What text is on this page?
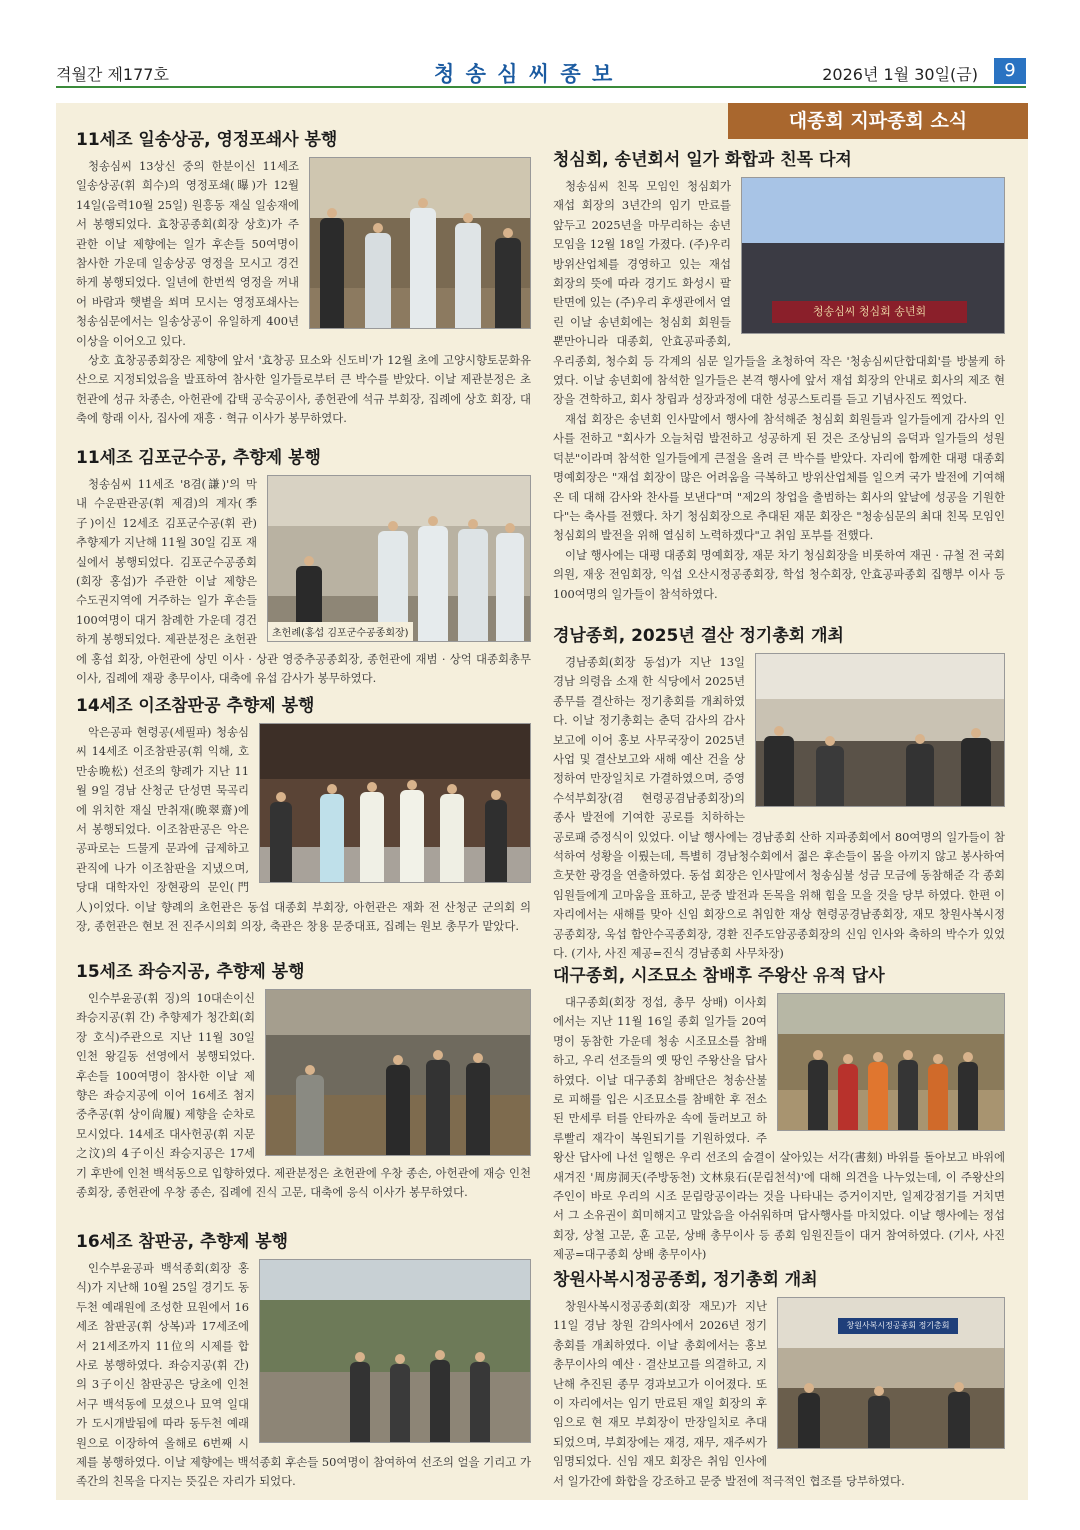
격월간 제177호	청 송 심 씨 종 보	2026년 1월 30일(금)	9
대종회 지파종회 소식
11세조 일송상공, 영정포쇄사 봉행

청송심씨 13상신 중의 한분이신 11세조 일송상공(휘 희수)의 영정포쇄(曝)가 12월 14일(음력10월 25일) 원흥동 재실 일송재에서 봉행되었다. 효창공종회(회장 상호)가 주관한 이날 제향에는 일가 후손들 50여명이 참사한 가운데 일송상공 영정을 모시고 경건하게 봉행되었다. 일년에 한번씩 영정을 꺼내어 바람과 햇볕을 쐬며 모시는 영정포쇄사는 청송심문에서는 일송상공이 유일하게 400년 이상을 이어오고 있다.

상호 효창공종회장은 제향에 앞서 '효창공 묘소와 신도비'가 12월 초에 고양시향토문화유산으로 지정되었음을 발표하여 참사한 일가들로부터 큰 박수를 받았다. 이날 제관분정은 초헌관에 성규 차종손, 아헌관에 갑택 공숙공이사, 종헌관에 석규 부회장, 집례에 상호 회장, 대축에 항래 이사, 집사에 재흥 · 혁규 이사가 봉무하였다.

11세조 김포군수공, 추향제 봉행
초헌례(홍섭 김포군수공종회장)

청송심씨 11세조 '8겸(謙)'의 막내 수운판관공(휘 제겸)의 계자(季子)이신 12세조 김포군수공(휘 관) 추향제가 지난해 11월 30일 김포 재실에서 봉행되었다. 김포군수공종회(회장 홍섭)가 주관한 이날 제향은 수도권지역에 거주하는 일가 후손들 100여명이 대거 참례한 가운데 경건하게 봉행되었다. 제관분정은 초헌관에 홍섭 회장, 아헌관에 상민 이사 · 상관 영중추공종회장, 종헌관에 재범 · 상억 대종회총무이사, 집례에 재광 총무이사, 대축에 유섭 감사가 봉무하였다.

14세조 이조참판공 추향제 봉행

악은공파 현령공(세필파) 청송심씨 14세조 이조참판공(휘 익해, 호 만송晩松) 선조의 향례가 지난 11월 9일 경남 산청군 단성면 묵곡리에 위치한 재실 만취재(晩翠齋)에서 봉행되었다. 이조참판공은 악은공파로는 드물게 문과에 급제하고 관직에 나가 이조참판을 지냈으며, 당대 대학자인 장현광의 문인(門人)이었다. 이날 향례의 초헌관은 동섭 대종회 부회장, 아헌관은 재화 전 산청군 군의회 의장, 종헌관은 현보 전 진주시의회 의장, 축관은 창용 문중대표, 집례는 원보 총무가 맡았다.

15세조 좌승지공, 추향제 봉행

인수부윤공(휘 징)의 10대손이신 좌승지공(휘 간) 추향제가 청간회(회장 호식)주관으로 지난 11월 30일 인천 왕길동 선영에서 봉행되었다. 후손들 100여명이 참사한 이날 제향은 좌승지공에 이어 16세조 첨지중추공(휘 상이尙履) 제향을 순차로 모시었다. 14세조 대사헌공(휘 지문之汶)의 4子이신 좌승지공은 17세기 후반에 인천 백석동으로 입향하였다. 제관분정은 초헌관에 우창 종손, 아헌관에 재승 인천종회장, 종헌관에 우창 종손, 집례에 진식 고문, 대축에 응식 이사가 봉무하였다.

16세조 참판공, 추향제 봉행

인수부윤공파 백석종회(회장 홍식)가 지난해 10월 25일 경기도 동두천 예래원에 조성한 묘원에서 16세조 참판공(휘 상복)과 17세조에서 21세조까지 11位의 시제를 합사로 봉행하였다. 좌승지공(휘 간)의 3子이신 참판공은 당초에 인천 서구 백석동에 모셨으나 묘역 일대가 도시개발됨에 따라 동두천 예래원으로 이장하여 올해로 6번째 시제를 봉행하였다. 이날 제향에는 백석종회 후손들 50여명이 참여하여 선조의 얼을 기리고 가족간의 친목을 다지는 뜻깊은 자리가 되었다.

청심회, 송년회서 일가 화합과 친목 다져
청송심씨 청심회 송년회

청송심씨 친목 모임인 청심회가 재섭 회장의 3년간의 임기 만료를 앞두고 2025년을 마무리하는 송년모임을 12월 18일 가졌다. (주)우리 방위산업체를 경영하고 있는 재섭 회장의 뜻에 따라 경기도 화성시 팔탄면에 있는 (주)우리 후생관에서 열린 이날 송년회에는 청심회 회원들 뿐만아니라 대종회, 안효공파종회, 우리종회, 청수회 등 각계의 심문 일가들을 초청하여 작은 '청송심씨단합대회'를 방불케 하였다. 이날 송년회에 참석한 일가들은 본격 행사에 앞서 재섭 회장의 안내로 회사의 제조 현장을 견학하고, 회사 창립과 성장과정에 대한 성공스토리를 듣고 기념사진도 찍었다.

재섭 회장은 송년회 인사말에서 행사에 참석해준 청심회 회원들과 일가들에게 감사의 인사를 전하고 "회사가 오늘처럼 발전하고 성공하게 된 것은 조상님의 음덕과 일가들의 성원 덕분"이라며 참석한 일가들에게 큰절을 올려 큰 박수를 받았다. 자리에 함께한 대평 대종회 명예회장은 "재섭 회장이 많은 어려움을 극복하고 방위산업체를 일으켜 국가 발전에 기여해 온 데 대해 감사와 찬사를 보낸다"며 "제2의 창업을 출범하는 회사의 앞날에 성공을 기원한다"는 축사를 전했다. 차기 청심회장으로 추대된 재문 회장은 "청송심문의 최대 친목 모임인 청심회의 발전을 위해 열심히 노력하겠다"고 취임 포부를 전했다.

이날 행사에는 대평 대종회 명예회장, 재문 차기 청심회장을 비롯하여 재권 · 규철 전 국회의원, 재웅 전임회장, 익섭 오산시정공종회장, 학섭 청수회장, 안효공파종회 집행부 이사 등 100여명의 일가들이 참석하였다.

경남종회, 2025년 결산 정기총회 개최

경남종회(회장 동섭)가 지난 13일 경남 의령읍 소재 한 식당에서 2025년 종무를 결산하는 정기총회를 개최하였다. 이날 정기총회는 춘덕 감사의 감사보고에 이어 홍보 사무국장이 2025년 사업 및 결산보고와 새해 예산 건을 상정하여 만장일치로 가결하였으며, 증영 수석부회장(겸 현령공겸남종회장)의 종사 발전에 기여한 공로를 치하하는 공로패 증정식이 있었다. 이날 행사에는 경남종회 산하 지파종회에서 80여명의 일가들이 참석하여 성황을 이뤘는데, 특별히 경남청수회에서 젊은 후손들이 몸을 아끼지 않고 봉사하여 흐뭇한 광경을 연출하였다. 동섭 회장은 인사말에서 청송심불 성금 모금에 동참해준 각 종회 임원들에게 고마움을 표하고, 문중 발전과 돈목을 위해 힘을 모을 것을 당부 하였다. 한편 이 자리에서는 새해를 맞아 신임 회장으로 취임한 재상 현령공경남종회장, 재모 창원사복시정공종회장, 욱섭 함안수곡종회장, 경환 진주도암공종회장의 신임 인사와 축하의 박수가 있었다. (기사, 사진 제공=진식 경남종회 사무차장)

대구종회, 시조묘소 참배후 주왕산 유적 답사

대구종회(회장 정섭, 총무 상배) 이사회에서는 지난 11월 16일 종회 일가들 20여명이 동참한 가운데 청송 시조묘소를 참배하고, 우리 선조들의 옛 땅인 주왕산을 답사하였다. 이날 대구종회 참배단은 청송산불로 피해를 입은 시조묘소를 참배한 후 전소된 만세루 터를 안타까운 속에 둘러보고 하루빨리 재각이 복원되기를 기원하였다. 주왕산 답사에 나선 일행은 우리 선조의 숨결이 살아있는 서각(書刻) 바위를 돌아보고 바위에 새겨진 '周房洞天(주방동천) 文林泉石(문림천석)'에 대해 의견을 나누었는데, 이 주왕산의 주인이 바로 우리의 시조 문림랑공이라는 것을 나타내는 증거이지만, 일제강점기를 거치면서 그 소유권이 희미해지고 말았음을 아쉬워하며 답사행사를 마치었다. 이날 행사에는 정섭 회장, 상철 고문, 훈 고문, 상배 총무이사 등 종회 임원진들이 대거 참여하였다. (기사, 사진 제공=대구종회 상배 총무이사)

창원사복시정공종회, 정기총회 개최
창원사복시정공종회 정기총회

창원사복시정공종회(회장 재모)가 지난 11일 경남 창원 감의사에서 2026년 정기총회를 개최하였다. 이날 총회에서는 홍보 총무이사의 예산 · 결산보고를 의결하고, 지난해 추진된 종무 경과보고가 이어졌다. 또 이 자리에서는 임기 만료된 재일 회장의 후임으로 현 재모 부회장이 만장일치로 추대되었으며, 부회장에는 재경, 재무, 재주씨가 임명되었다. 신임 재모 회장은 취임 인사에서 일가간에 화합을 강조하고 문중 발전에 적극적인 협조를 당부하였다.
